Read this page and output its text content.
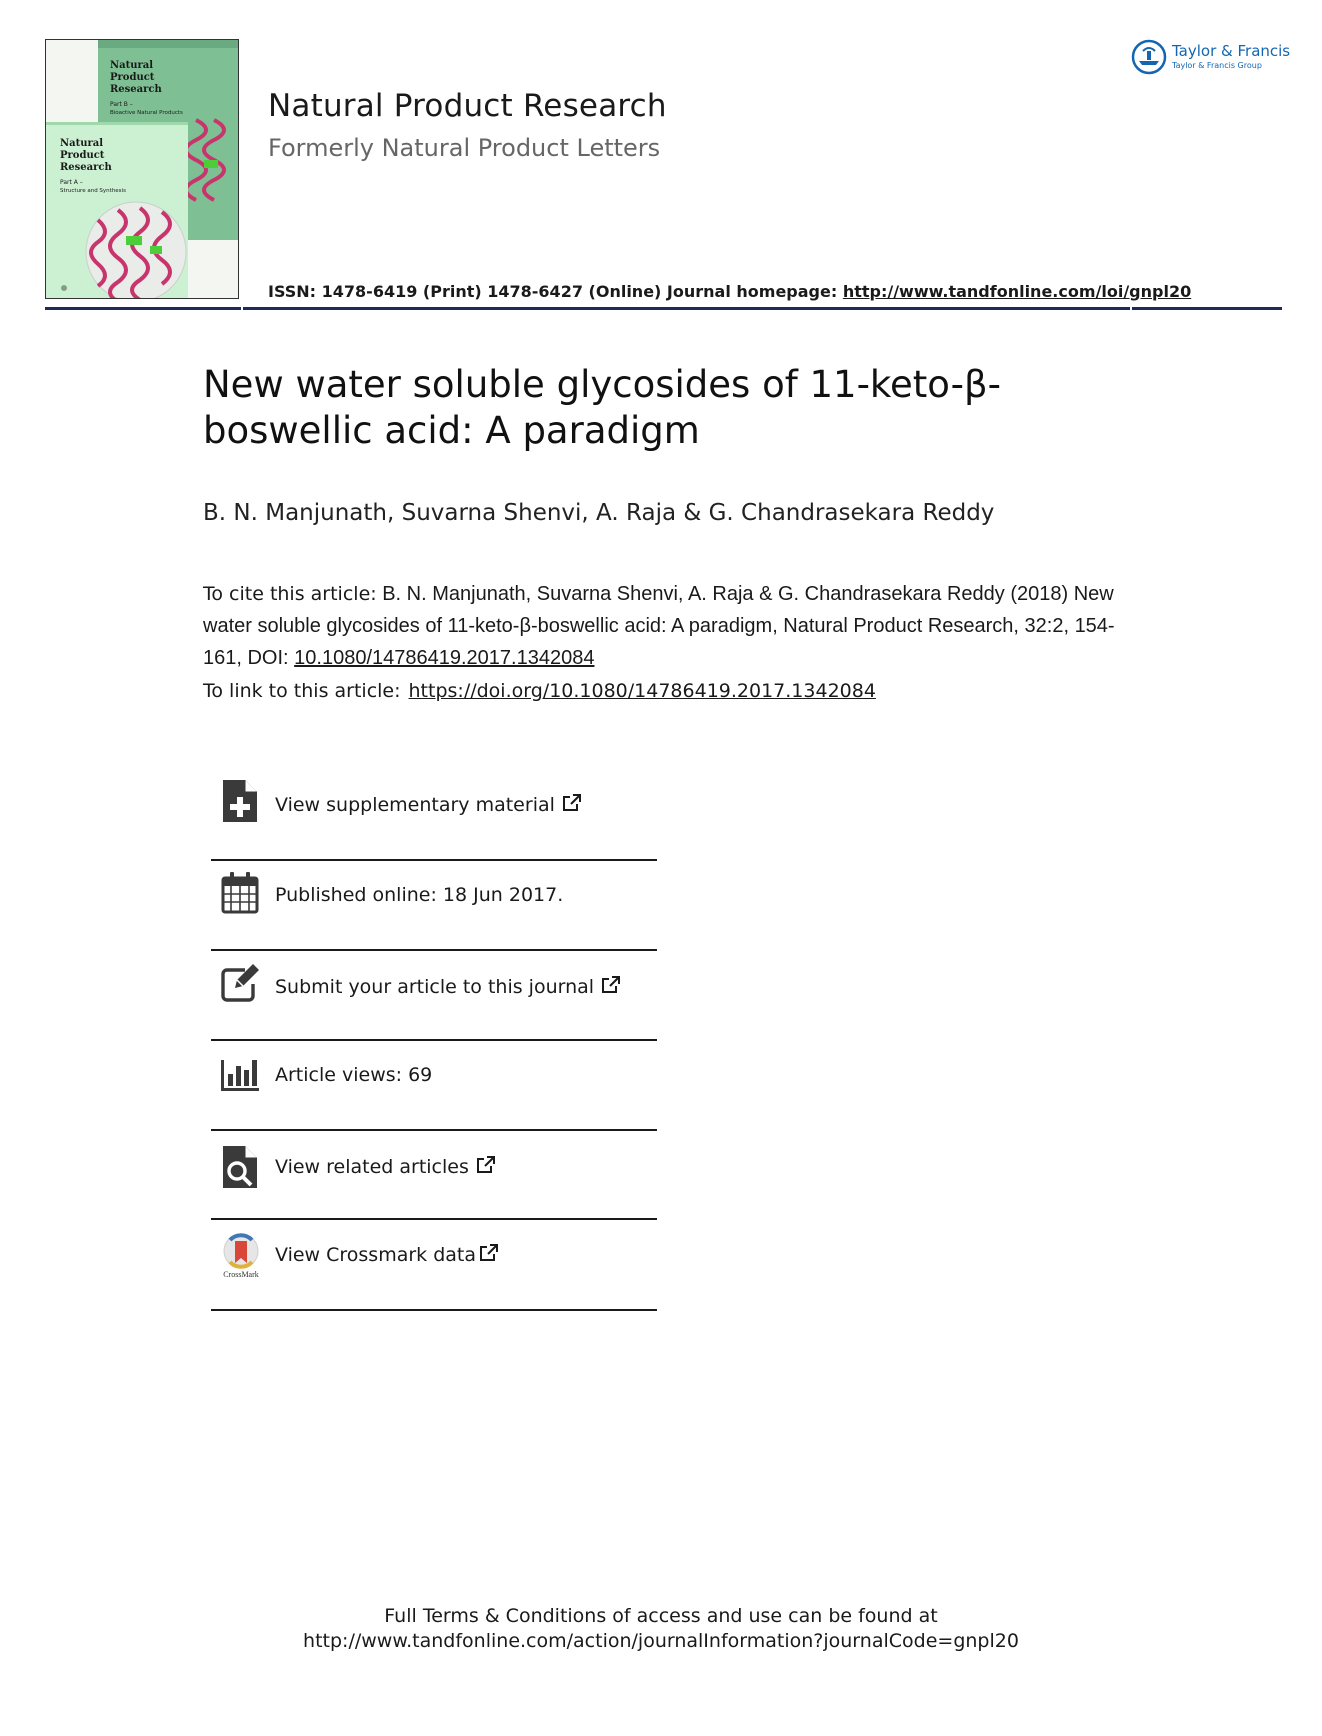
Natural Product Research
Part B –
Bioactive Natural Products
Natural Product Research
Part A –
Structure and Synthesis
Natural Product Research
Formerly Natural Product Letters
ISSN: 1478-6419 (Print) 1478-6427 (Online) Journal homepage: http://www.tandfonline.com/loi/gnpl20
Taylor & Francis
Taylor & Francis Group
New water soluble glycosides of 11-keto-β-boswellic acid: A paradigm

B. N. Manjunath, Suvarna Shenvi, A. Raja & G. Chandrasekara Reddy

To cite this article: B. N. Manjunath, Suvarna Shenvi, A. Raja & G. Chandrasekara Reddy (2018) New water soluble glycosides of 11-keto-β-boswellic acid: A paradigm, Natural Product Research, 32:2, 154-161, DOI: 10.1080/14786419.2017.1342084
To link to this article: https://doi.org/10.1080/14786419.2017.1342084
View supplementary material
Published online: 18 Jun 2017.
Submit your article to this journal
Article views: 69
View related articles
CrossMark
View Crossmark data
Full Terms & Conditions of access and use can be found at
http://www.tandfonline.com/action/journalInformation?journalCode=gnpl20
